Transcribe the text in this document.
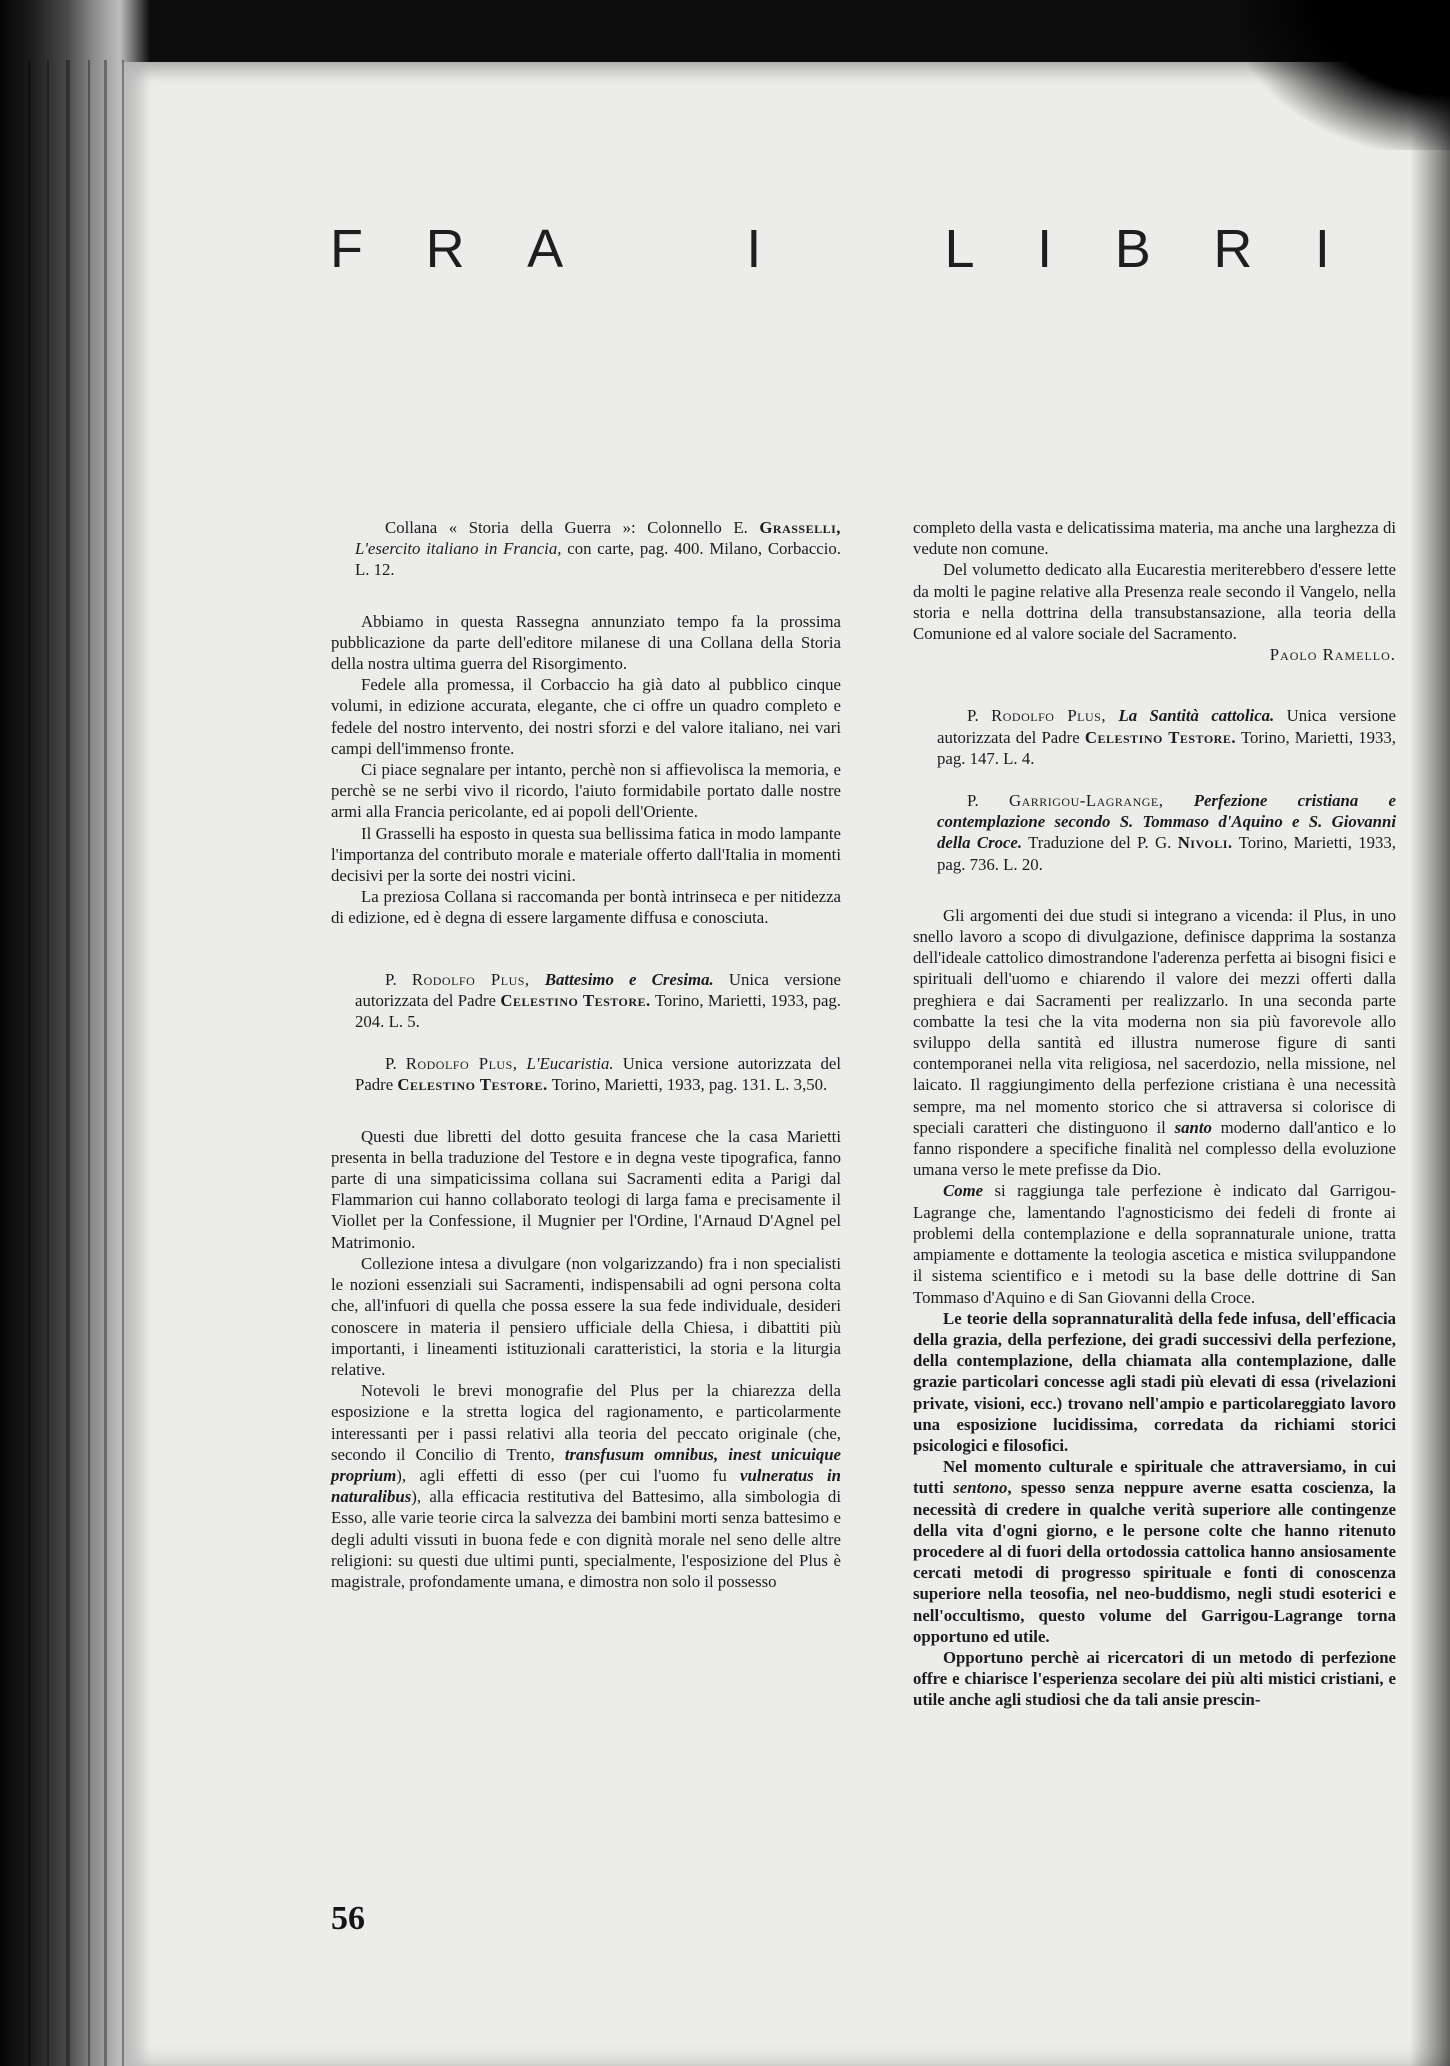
F R A	I	L I B R I

Collana « Storia della Guerra »: Colonnello E. Grasselli, L'esercito italiano in Francia, con carte, pag. 400. Milano, Corbaccio. L. 12.

Abbiamo in questa Rassegna annunziato tempo fa la prossima pubblicazione da parte dell'editore milanese di una Collana della Storia della nostra ultima guerra del Risorgimento.

Fedele alla promessa, il Corbaccio ha già dato al pubblico cinque volumi, in edizione accurata, elegante, che ci offre un quadro completo e fedele del nostro intervento, dei nostri sforzi e del valore italiano, nei vari campi dell'immenso fronte.

Ci piace segnalare per intanto, perchè non si affievolisca la memoria, e perchè se ne serbi vivo il ricordo, l'aiuto formidabile portato dalle nostre armi alla Francia pericolante, ed ai popoli dell'Oriente.

Il Grasselli ha esposto in questa sua bellissima fatica in modo lampante l'importanza del contributo morale e materiale offerto dall'Italia in momenti decisivi per la sorte dei nostri vicini.

La preziosa Collana si raccomanda per bontà intrinseca e per nitidezza di edizione, ed è degna di essere largamente diffusa e conosciuta.

P. Rodolfo Plus, Battesimo e Cresima. Unica versione autorizzata del Padre Celestino Testore. Torino, Marietti, 1933, pag. 204. L. 5.

P. Rodolfo Plus, L'Eucaristia. Unica versione autorizzata del Padre Celestino Testore. Torino, Marietti, 1933, pag. 131. L. 3,50.

Questi due libretti del dotto gesuita francese che la casa Marietti presenta in bella traduzione del Testore e in degna veste tipografica, fanno parte di una simpaticissima collana sui Sacramenti edita a Parigi dal Flammarion cui hanno collaborato teologi di larga fama e precisamente il Viollet per la Confessione, il Mugnier per l'Ordine, l'Arnaud D'Agnel pel Matrimonio.

Collezione intesa a divulgare (non volgarizzando) fra i non specialisti le nozioni essenziali sui Sacramenti, indispensabili ad ogni persona colta che, all'infuori di quella che possa essere la sua fede individuale, desideri conoscere in materia il pensiero ufficiale della Chiesa, i dibattiti più importanti, i lineamenti istituzionali caratteristici, la storia e la liturgia relative.

Notevoli le brevi monografie del Plus per la chiarezza della esposizione e la stretta logica del ragionamento, e particolarmente interessanti per i passi relativi alla teoria del peccato originale (che, secondo il Concilio di Trento, transfusum omnibus, inest unicuique proprium), agli effetti di esso (per cui l'uomo fu vulneratus in naturalibus), alla efficacia restitutiva del Battesimo, alla simbologia di Esso, alle varie teorie circa la salvezza dei bambini morti senza battesimo e degli adulti vissuti in buona fede e con dignità morale nel seno delle altre religioni: su questi due ultimi punti, specialmente, l'esposizione del Plus è magistrale, profondamente umana, e dimostra non solo il possesso

completo della vasta e delicatissima materia, ma anche una larghezza di vedute non comune.

Del volumetto dedicato alla Eucarestia meriterebbero d'essere lette da molti le pagine relative alla Presenza reale secondo il Vangelo, nella storia e nella dottrina della transubstansazione, alla teoria della Comunione ed al valore sociale del Sacramento.

Paolo Ramello.

P. Rodolfo Plus, La Santità cattolica. Unica versione autorizzata del Padre Celestino Testore. Torino, Marietti, 1933, pag. 147. L. 4.

P. Garrigou-Lagrange, Perfezione cristiana e contemplazione secondo S. Tommaso d'Aquino e S. Giovanni della Croce. Traduzione del P. G. Nivoli. Torino, Marietti, 1933, pag. 736. L. 20.

Gli argomenti dei due studi si integrano a vicenda: il Plus, in uno snello lavoro a scopo di divulgazione, definisce dapprima la sostanza dell'ideale cattolico dimostrandone l'aderenza perfetta ai bisogni fisici e spirituali dell'uomo e chiarendo il valore dei mezzi offerti dalla preghiera e dai Sacramenti per realizzarlo. In una seconda parte combatte la tesi che la vita moderna non sia più favorevole allo sviluppo della santità ed illustra numerose figure di santi contemporanei nella vita religiosa, nel sacerdozio, nella missione, nel laicato. Il raggiungimento della perfezione cristiana è una necessità sempre, ma nel momento storico che si attraversa si colorisce di speciali caratteri che distinguono il santo moderno dall'antico e lo fanno rispondere a specifiche finalità nel complesso della evoluzione umana verso le mete prefisse da Dio.

Come si raggiunga tale perfezione è indicato dal Garrigou-Lagrange che, lamentando l'agnosticismo dei fedeli di fronte ai problemi della contemplazione e della soprannaturale unione, tratta ampiamente e dottamente la teologia ascetica e mistica sviluppandone il sistema scientifico e i metodi su la base delle dottrine di San Tommaso d'Aquino e di San Giovanni della Croce.

Le teorie della soprannaturalità della fede infusa, dell'efficacia della grazia, della perfezione, dei gradi successivi della perfezione, della contemplazione, della chiamata alla contemplazione, dalle grazie particolari concesse agli stadi più elevati di essa (rivelazioni private, visioni, ecc.) trovano nell'ampio e particolareggiato lavoro una esposizione lucidissima, corredata da richiami storici psicologici e filosofici.

Nel momento culturale e spirituale che attraversiamo, in cui tutti sentono, spesso senza neppure averne esatta coscienza, la necessità di credere in qualche verità superiore alle contingenze della vita d'ogni giorno, e le persone colte che hanno ritenuto procedere al di fuori della ortodossia cattolica hanno ansiosamente cercati metodi di progresso spirituale e fonti di conoscenza superiore nella teosofia, nel neo-buddismo, negli studi esoterici e nell'occultismo, questo volume del Garrigou-Lagrange torna opportuno ed utile.

Opportuno perchè ai ricercatori di un metodo di perfezione offre e chiarisce l'esperienza secolare dei più alti mistici cristiani, e utile anche agli studiosi che da tali ansie prescin-

56
